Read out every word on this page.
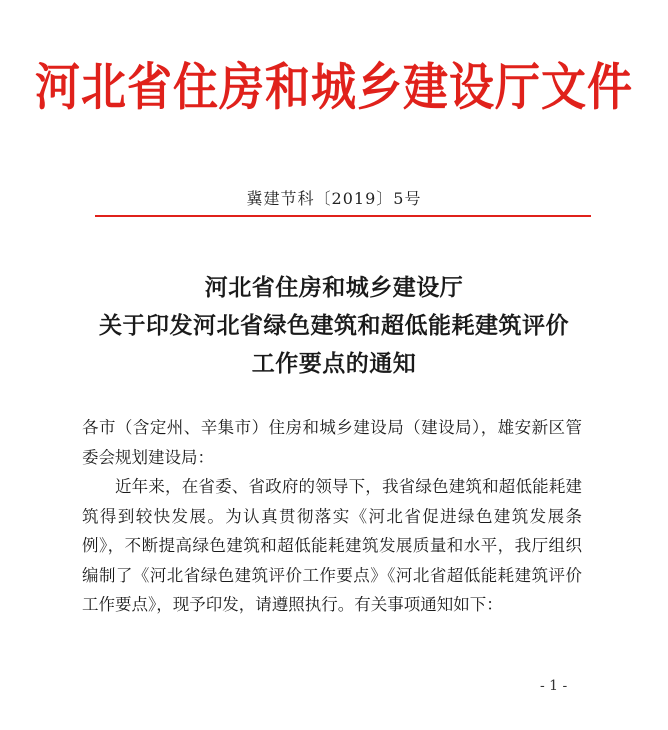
河北省住房和城乡建设厅文件
冀建节科〔2019〕5号
河北省住房和城乡建设厅
关于印发河北省绿色建筑和超低能耗建筑评价
工作要点的通知

各市（含定州、辛集市）住房和城乡建设局（建设局），雄安新区管委会规划建设局：

近年来，在省委、省政府的领导下，我省绿色建筑和超低能耗建筑得到较快发展。为认真贯彻落实《河北省促进绿色建筑发展条例》，不断提高绿色建筑和超低能耗建筑发展质量和水平，我厅组织编制了《河北省绿色建筑评价工作要点》《河北省超低能耗建筑评价工作要点》，现予印发，请遵照执行。有关事项通知如下：

- 1 -
